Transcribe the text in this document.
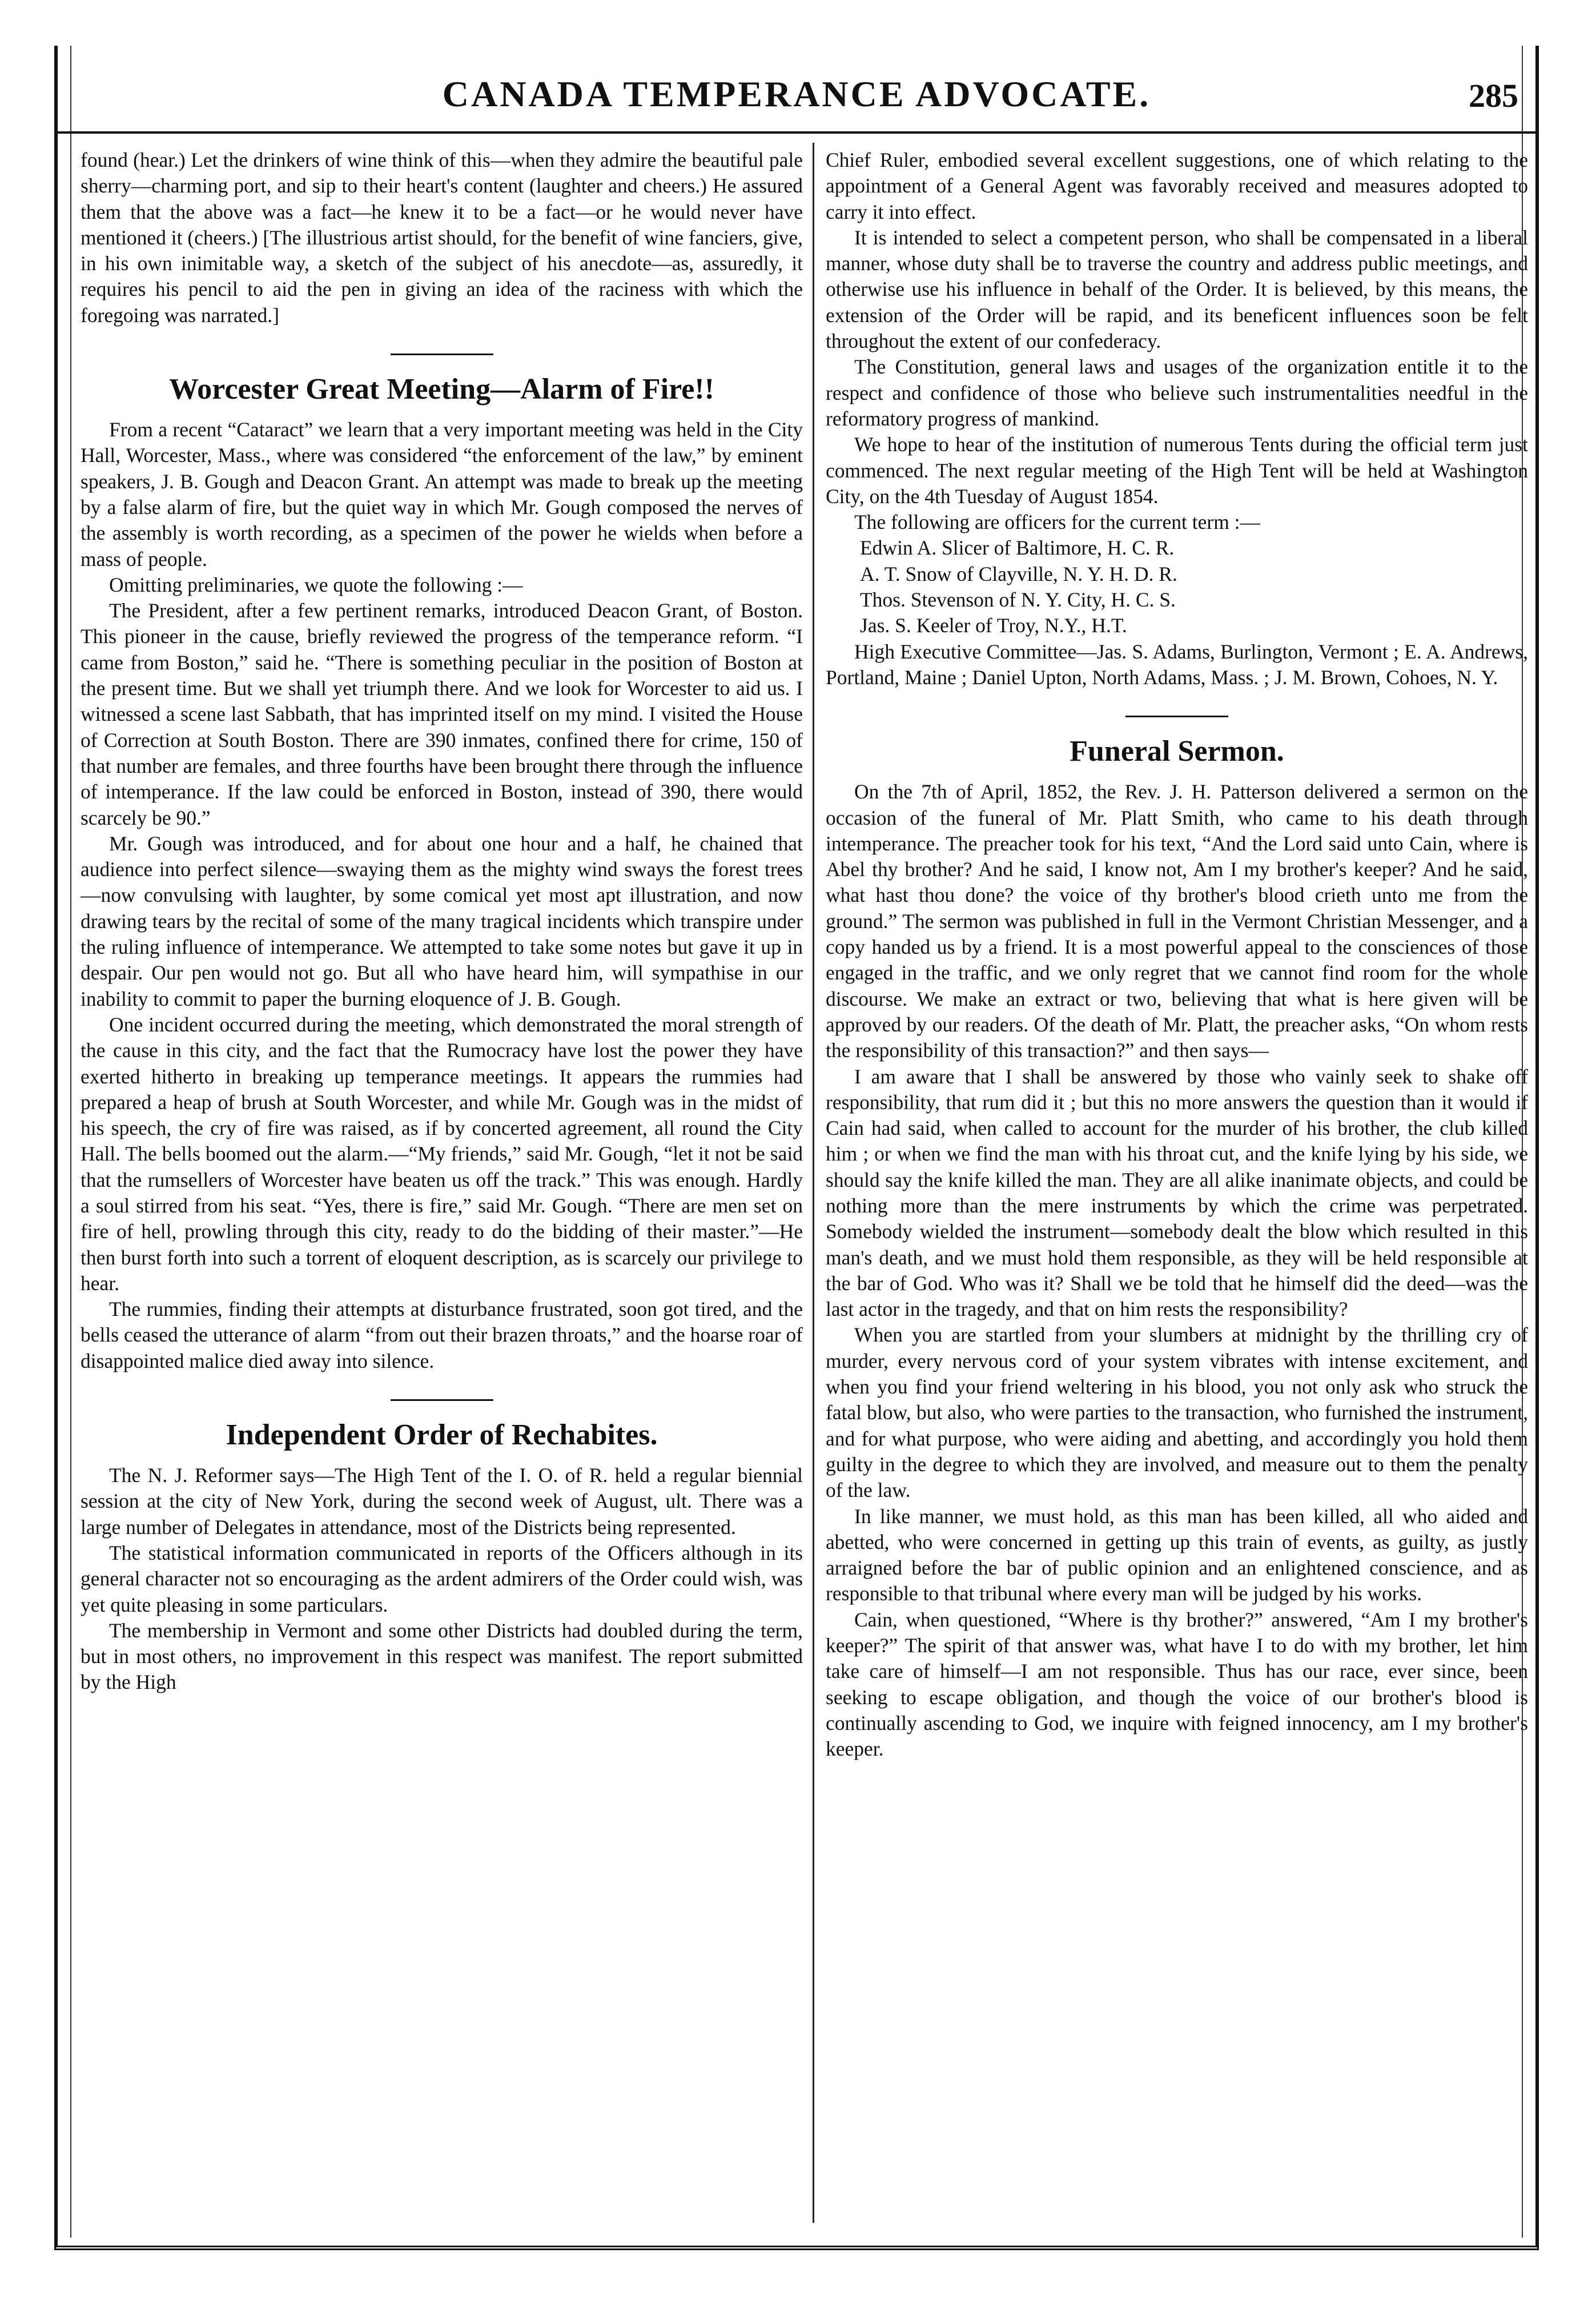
CANADA TEMPERANCE ADVOCATE.	285

found (hear.) Let the drinkers of wine think of this—when they admire the beautiful pale sherry—charming port, and sip to their heart's content (laughter and cheers.) He assured them that the above was a fact—he knew it to be a fact—or he would never have mentioned it (cheers.) [The illustrious artist should, for the benefit of wine fanciers, give, in his own inimitable way, a sketch of the subject of his anecdote—as, assuredly, it requires his pencil to aid the pen in giving an idea of the raciness with which the foregoing was narrated.]

Worcester Great Meeting—Alarm of Fire!!

From a recent “Cataract” we learn that a very important meeting was held in the City Hall, Worcester, Mass., where was considered “the enforcement of the law,” by eminent speakers, J. B. Gough and Deacon Grant. An attempt was made to break up the meeting by a false alarm of fire, but the quiet way in which Mr. Gough composed the nerves of the assembly is worth recording, as a specimen of the power he wields when before a mass of people.

Omitting preliminaries, we quote the following :—

The President, after a few pertinent remarks, introduced Deacon Grant, of Boston. This pioneer in the cause, briefly reviewed the progress of the temperance reform. “I came from Boston,” said he. “There is something peculiar in the position of Boston at the present time. But we shall yet triumph there. And we look for Worcester to aid us. I witnessed a scene last Sabbath, that has imprinted itself on my mind. I visited the House of Correction at South Boston. There are 390 inmates, confined there for crime, 150 of that number are females, and three fourths have been brought there through the influence of intemperance. If the law could be enforced in Boston, instead of 390, there would scarcely be 90.”

Mr. Gough was introduced, and for about one hour and a half, he chained that audience into perfect silence—swaying them as the mighty wind sways the forest trees—now convulsing with laughter, by some comical yet most apt illustration, and now drawing tears by the recital of some of the many tragical incidents which transpire under the ruling influence of intemperance. We attempted to take some notes but gave it up in despair. Our pen would not go. But all who have heard him, will sympathise in our inability to commit to paper the burning eloquence of J. B. Gough.

One incident occurred during the meeting, which demonstrated the moral strength of the cause in this city, and the fact that the Rumocracy have lost the power they have exerted hitherto in breaking up temperance meetings. It appears the rummies had prepared a heap of brush at South Worcester, and while Mr. Gough was in the midst of his speech, the cry of fire was raised, as if by concerted agreement, all round the City Hall. The bells boomed out the alarm.—“My friends,” said Mr. Gough, “let it not be said that the rumsellers of Worcester have beaten us off the track.” This was enough. Hardly a soul stirred from his seat. “Yes, there is fire,” said Mr. Gough. “There are men set on fire of hell, prowling through this city, ready to do the bidding of their master.”—He then burst forth into such a torrent of eloquent description, as is scarcely our privilege to hear.

The rummies, finding their attempts at disturbance frustrated, soon got tired, and the bells ceased the utterance of alarm “from out their brazen throats,” and the hoarse roar of disappointed malice died away into silence.

Independent Order of Rechabites.

The N. J. Reformer says—The High Tent of the I. O. of R. held a regular biennial session at the city of New York, during the second week of August, ult. There was a large number of Delegates in attendance, most of the Districts being represented.

The statistical information communicated in reports of the Officers although in its general character not so encouraging as the ardent admirers of the Order could wish, was yet quite pleasing in some particulars.

The membership in Vermont and some other Districts had doubled during the term, but in most others, no improvement in this respect was manifest. The report submitted by the High

Chief Ruler, embodied several excellent suggestions, one of which relating to the appointment of a General Agent was favorably received and measures adopted to carry it into effect.

It is intended to select a competent person, who shall be compensated in a liberal manner, whose duty shall be to traverse the country and address public meetings, and otherwise use his influence in behalf of the Order. It is believed, by this means, the extension of the Order will be rapid, and its beneficent influences soon be felt throughout the extent of our confederacy.

The Constitution, general laws and usages of the organization entitle it to the respect and confidence of those who believe such instrumentalities needful in the reformatory progress of mankind.

We hope to hear of the institution of numerous Tents during the official term just commenced. The next regular meeting of the High Tent will be held at Washington City, on the 4th Tuesday of August 1854.

The following are officers for the current term :—

Edwin A. Slicer of Baltimore, H. C. R.
A. T. Snow of Clayville, N. Y. H. D. R.
Thos. Stevenson of N. Y. City, H. C. S.
Jas. S. Keeler of Troy, N.Y., H.T.

High Executive Committee—Jas. S. Adams, Burlington, Vermont ; E. A. Andrews, Portland, Maine ; Daniel Upton, North Adams, Mass. ; J. M. Brown, Cohoes, N. Y.

Funeral Sermon.

On the 7th of April, 1852, the Rev. J. H. Patterson delivered a sermon on the occasion of the funeral of Mr. Platt Smith, who came to his death through intemperance. The preacher took for his text, “And the Lord said unto Cain, where is Abel thy brother? And he said, I know not, Am I my brother's keeper? And he said, what hast thou done? the voice of thy brother's blood crieth unto me from the ground.” The sermon was published in full in the Vermont Christian Messenger, and a copy handed us by a friend. It is a most powerful appeal to the consciences of those engaged in the traffic, and we only regret that we cannot find room for the whole discourse. We make an extract or two, believing that what is here given will be approved by our readers. Of the death of Mr. Platt, the preacher asks, “On whom rests the responsibility of this transaction?” and then says—

I am aware that I shall be answered by those who vainly seek to shake off responsibility, that rum did it ; but this no more answers the question than it would if Cain had said, when called to account for the murder of his brother, the club killed him ; or when we find the man with his throat cut, and the knife lying by his side, we should say the knife killed the man. They are all alike inanimate objects, and could be nothing more than the mere instruments by which the crime was perpetrated. Somebody wielded the instrument—somebody dealt the blow which resulted in this man's death, and we must hold them responsible, as they will be held responsible at the bar of God. Who was it? Shall we be told that he himself did the deed—was the last actor in the tragedy, and that on him rests the responsibility?

When you are startled from your slumbers at midnight by the thrilling cry of murder, every nervous cord of your system vibrates with intense excitement, and when you find your friend weltering in his blood, you not only ask who struck the fatal blow, but also, who were parties to the transaction, who furnished the instrument, and for what purpose, who were aiding and abetting, and accordingly you hold them guilty in the degree to which they are involved, and measure out to them the penalty of the law.

In like manner, we must hold, as this man has been killed, all who aided and abetted, who were concerned in getting up this train of events, as guilty, as justly arraigned before the bar of public opinion and an enlightened conscience, and as responsible to that tribunal where every man will be judged by his works.

Cain, when questioned, “Where is thy brother?” answered, “Am I my brother's keeper?” The spirit of that answer was, what have I to do with my brother, let him take care of himself—I am not responsible. Thus has our race, ever since, been seeking to escape obligation, and though the voice of our brother's blood is continually ascending to God, we inquire with feigned innocency, am I my brother's keeper.
